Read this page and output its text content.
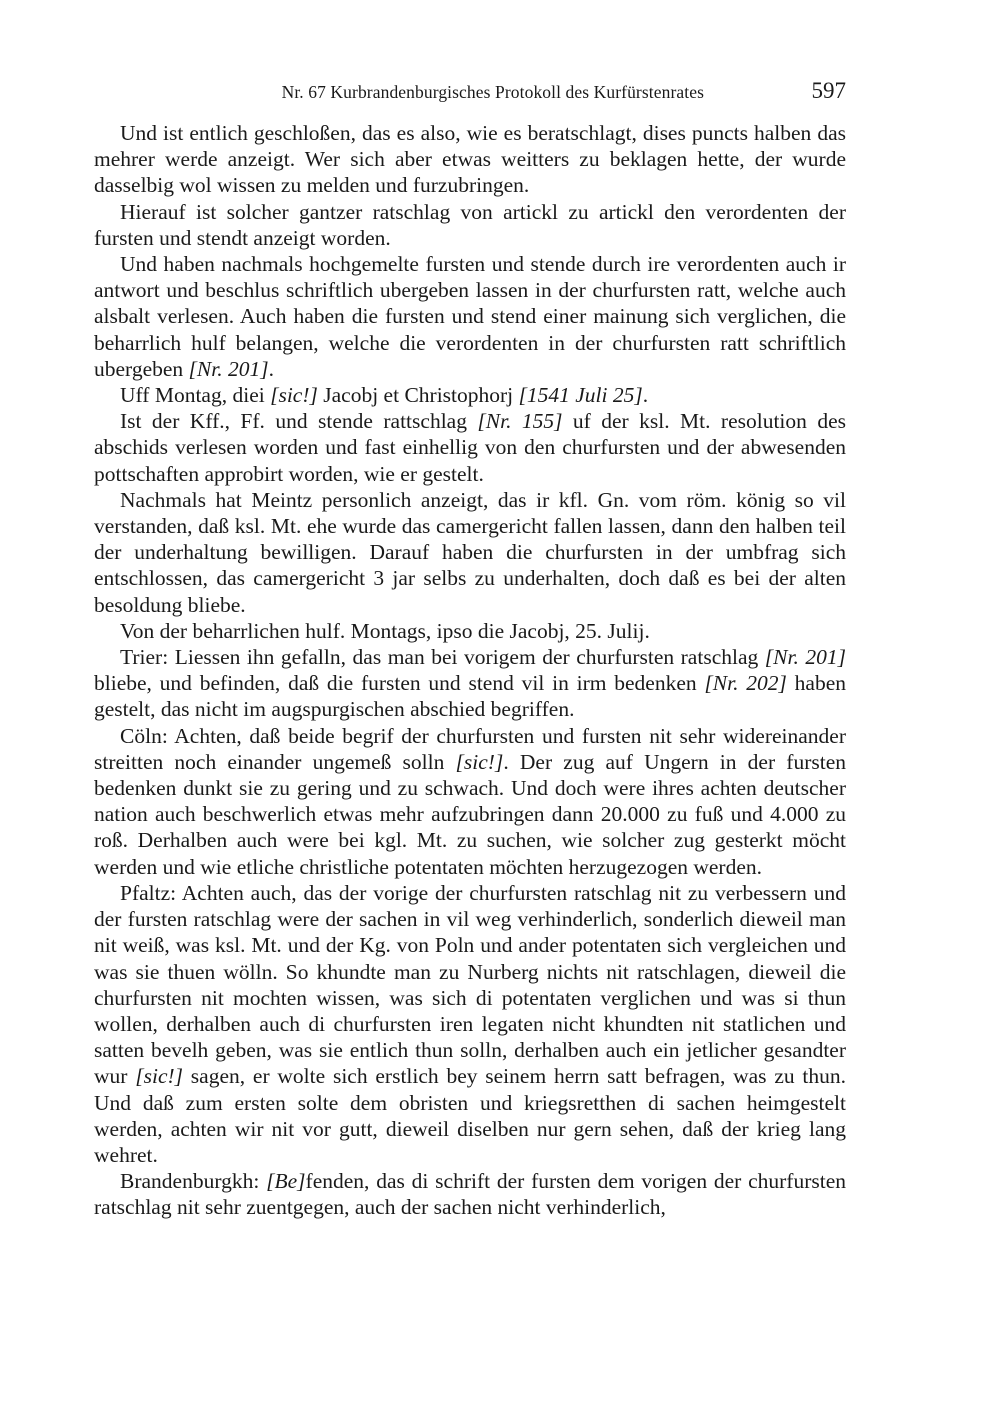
Nr. 67 Kurbrandenburgisches Protokoll des Kurfürstenrates	597

Und ist entlich geschloßen, das es also, wie es beratschlagt, dises puncts halben das mehrer werde anzeigt. Wer sich aber etwas weitters zu beklagen hette, der wurde dasselbig wol wissen zu melden und furzubringen.

Hierauf ist solcher gantzer ratschlag von artickl zu artickl den verordenten der fursten und stendt anzeigt worden.

Und haben nachmals hochgemelte fursten und stende durch ire verordenten auch ir antwort und beschlus schriftlich ubergeben lassen in der churfursten ratt, welche auch alsbalt verlesen. Auch haben die fursten und stend einer mainung sich verglichen, die beharrlich hulf belangen, welche die verordenten in der churfursten ratt schriftlich ubergeben [Nr. 201].

Uff Montag, diei [sic!] Jacobj et Christophorj [1541 Juli 25].

Ist der Kff., Ff. und stende rattschlag [Nr. 155] uf der ksl. Mt. resolution des abschids verlesen worden und fast einhellig von den churfursten und der abwesenden pottschaften approbirt worden, wie er gestelt.

Nachmals hat Meintz personlich anzeigt, das ir kfl. Gn. vom röm. könig so vil verstanden, daß ksl. Mt. ehe wurde das camergericht fallen lassen, dann den halben teil der underhaltung bewilligen. Darauf haben die churfursten in der umbfrag sich entschlossen, das camergericht 3 jar selbs zu underhalten, doch daß es bei der alten besoldung bliebe.

Von der beharrlichen hulf. Montags, ipso die Jacobj, 25. Julij.

Trier: Liessen ihn gefalln, das man bei vorigem der churfursten ratschlag [Nr. 201] bliebe, und befinden, daß die fursten und stend vil in irm bedenken [Nr. 202] haben gestelt, das nicht im augspurgischen abschied begriffen.

Cöln: Achten, daß beide begrif der churfursten und fursten nit sehr widereinander streitten noch einander ungemeß solln [sic!]. Der zug auf Ungern in der fursten bedenken dunkt sie zu gering und zu schwach. Und doch were ihres achten deutscher nation auch beschwerlich etwas mehr aufzubringen dann 20.000 zu fuß und 4.000 zu roß. Derhalben auch were bei kgl. Mt. zu suchen, wie solcher zug gesterkt möcht werden und wie etliche christliche potentaten möchten herzugezogen werden.

Pfaltz: Achten auch, das der vorige der churfursten ratschlag nit zu verbessern und der fursten ratschlag were der sachen in vil weg verhinderlich, sonderlich dieweil man nit weiß, was ksl. Mt. und der Kg. von Poln und ander potentaten sich vergleichen und was sie thuen wölln. So khundte man zu Nurberg nichts nit ratschlagen, dieweil die churfursten nit mochten wissen, was sich di potentaten verglichen und was si thun wollen, derhalben auch di churfursten iren legaten nicht khundten nit statlichen und satten bevelh geben, was sie entlich thun solln, derhalben auch ein jetlicher gesandter wur [sic!] sagen, er wolte sich erstlich bey seinem herrn satt befragen, was zu thun. Und daß zum ersten solte dem obristen und kriegsretthen di sachen heimgestelt werden, achten wir nit vor gutt, dieweil diselben nur gern sehen, daß der krieg lang wehret.

Brandenburgkh: [Be]fenden, das di schrift der fursten dem vorigen der churfursten ratschlag nit sehr zuentgegen, auch der sachen nicht verhinderlich,
